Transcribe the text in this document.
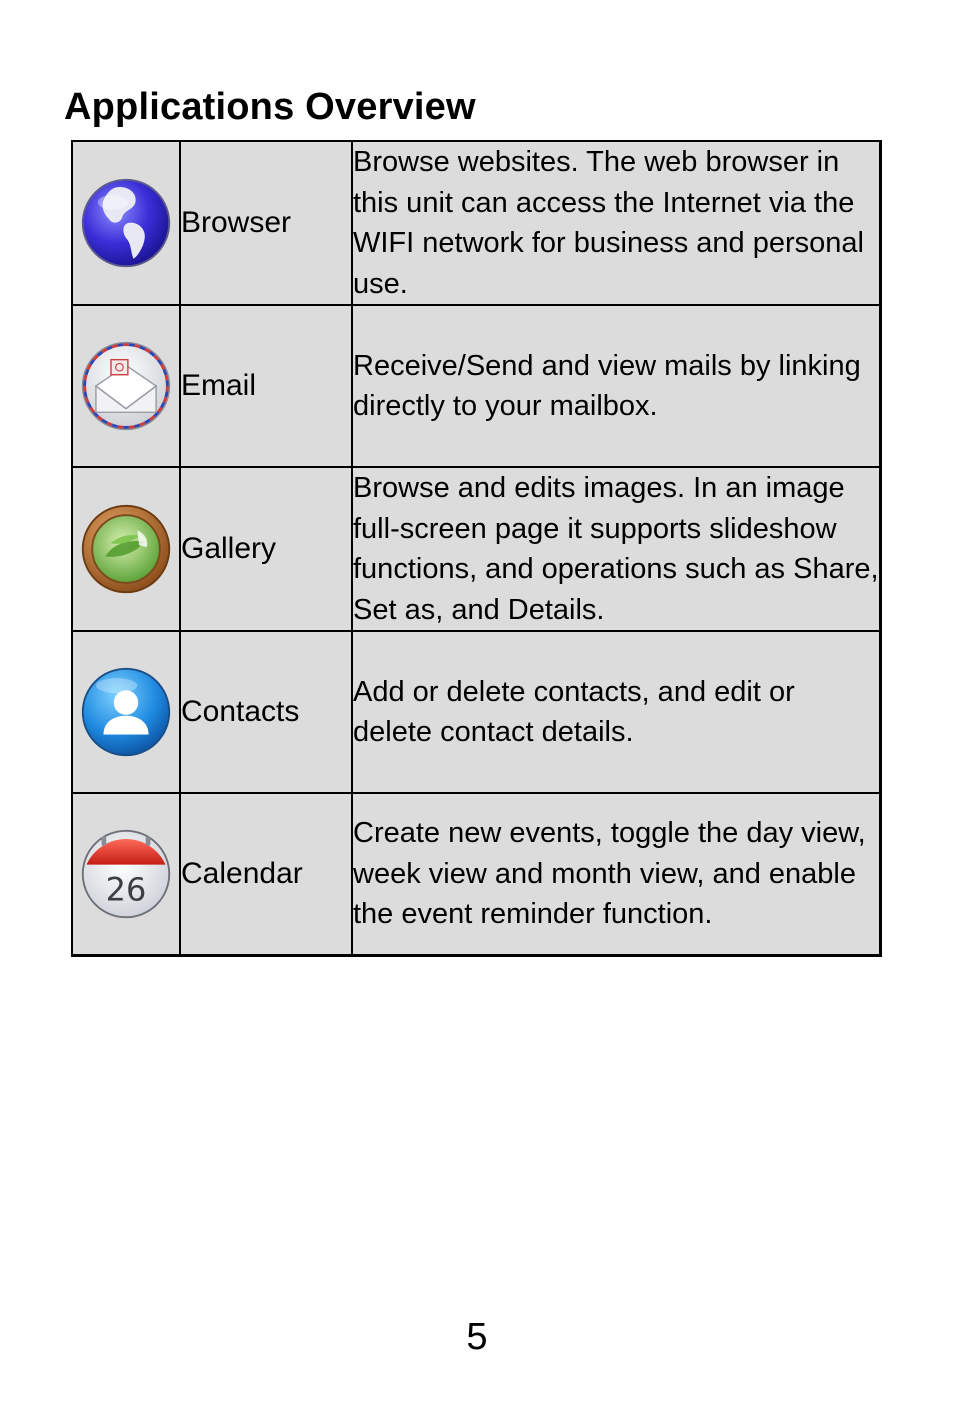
Applications Overview
	Browser	Browse websites. The web browser in this unit can access the Internet via the WIFI network for business and personal use.

	Email	Receive/Send and view mails by linking directly to your mailbox.

	Gallery	Browse and edits images. In an image full-screen page it supports slideshow functions, and operations such as Share, Set as, and Details.

	Contacts	Add or delete contacts, and edit or delete contact details.

26	Calendar	Create new events, toggle the day view, week view and month view, and enable the event reminder function.
5
